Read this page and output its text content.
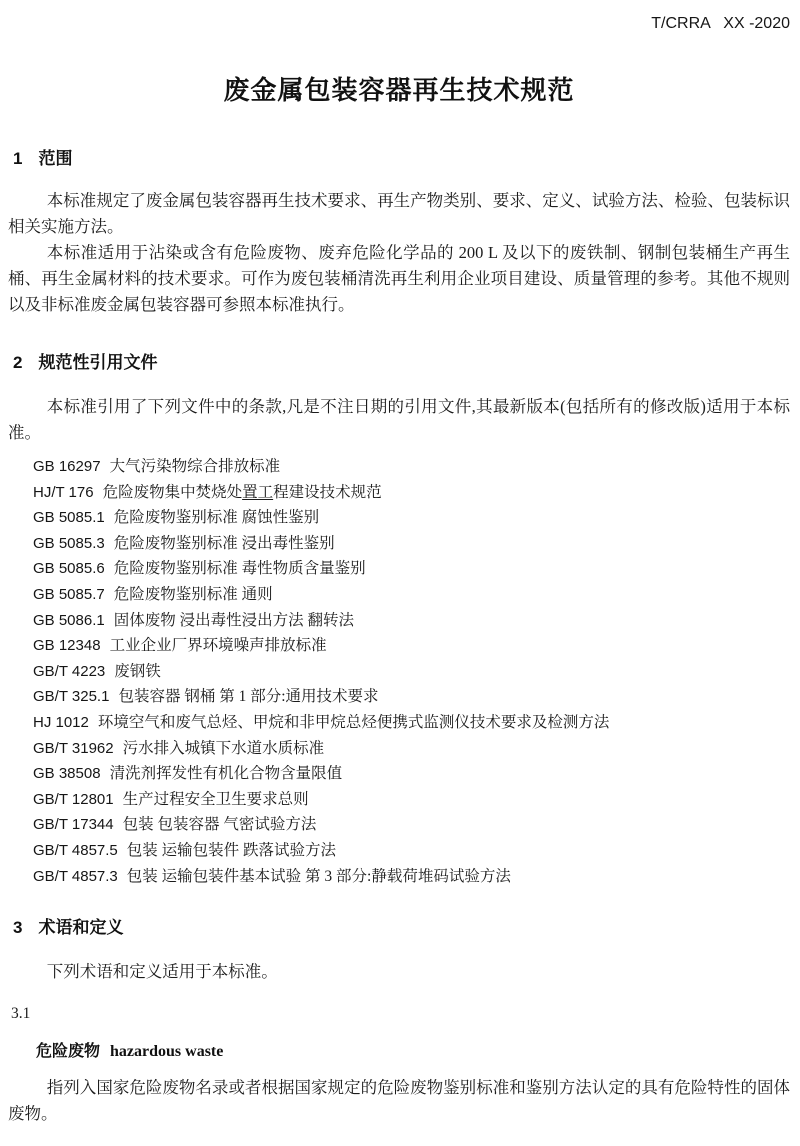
T/CRRA   XX -2020
废金属包装容器再生技术规范
1 范围

本标准规定了废金属包装容器再生技术要求、再生产物类别、要求、定义、试验方法、检验、包装标识相关实施方法。

本标准适用于沾染或含有危险废物、废弃危险化学品的 200 L 及以下的废铁制、钢制包装桶生产再生桶、再生金属材料的技术要求。可作为废包装桶清洗再生利用企业项目建设、质量管理的参考。其他不规则以及非标准废金属包装容器可参照本标准执行。

2 规范性引用文件

本标准引用了下列文件中的条款,凡是不注日期的引用文件,其最新版本(包括所有的修改版)适用于本标准。

GB 16297 大气污染物综合排放标准
HJ/T 176 危险废物集中焚烧处置工程建设技术规范
GB 5085.1 危险废物鉴别标准 腐蚀性鉴别
GB 5085.3 危险废物鉴别标准 浸出毒性鉴别
GB 5085.6 危险废物鉴别标准 毒性物质含量鉴别
GB 5085.7 危险废物鉴别标准 通则
GB 5086.1 固体废物 浸出毒性浸出方法 翻转法
GB 12348 工业企业厂界环境噪声排放标准
GB/T 4223 废钢铁
GB/T 325.1 包装容器 钢桶 第 1 部分:通用技术要求
HJ 1012 环境空气和废气总烃、甲烷和非甲烷总烃便携式监测仪技术要求及检测方法
GB/T 31962 污水排入城镇下水道水质标准
GB 38508 清洗剂挥发性有机化合物含量限值
GB/T 12801 生产过程安全卫生要求总则
GB/T 17344 包装 包装容器 气密试验方法
GB/T 4857.5 包装 运输包装件 跌落试验方法
GB/T 4857.3 包装 运输包装件基本试验 第 3 部分:静载荷堆码试验方法
3 术语和定义

下列术语和定义适用于本标准。

3.1
危险废物 hazardous waste

指列入国家危险废物名录或者根据国家规定的危险废物鉴别标准和鉴别方法认定的具有危险特性的固体废物。
